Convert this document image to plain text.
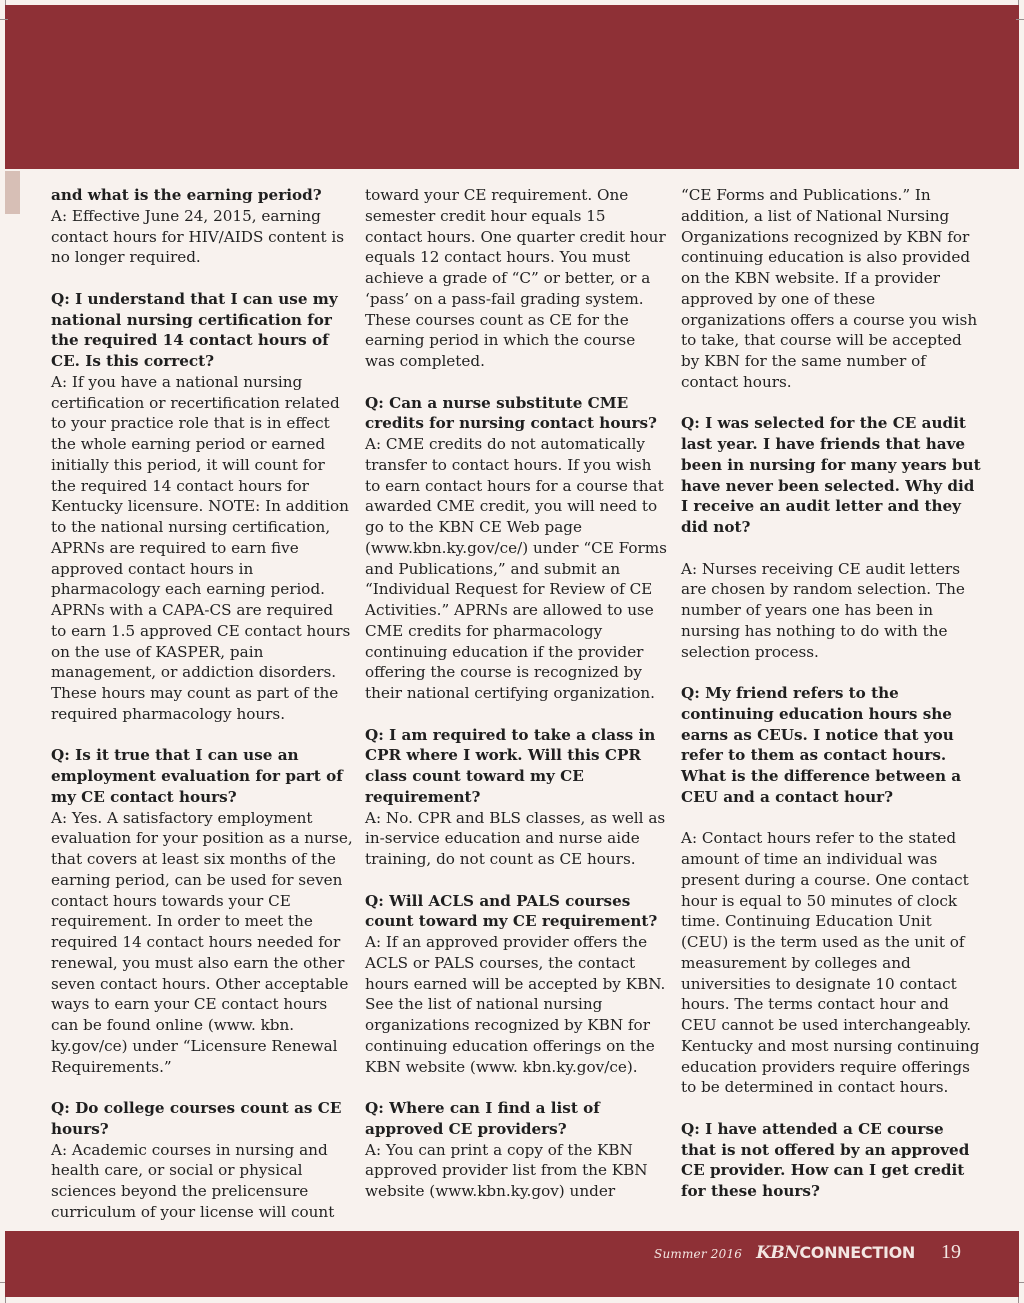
and what is the earning period?
A: Effective June 24, 2015, earning contact hours for HIV/AIDS content is no longer required.

Q: I understand that I can use my national nursing certification for the required 14 contact hours of CE. Is this correct?
A: If you have a national nursing certification or recertification related to your practice role that is in effect the whole earning period or earned initially this period, it will count for the required 14 contact hours for Kentucky licensure. NOTE: In addition to the national nursing certification, APRNs are required to earn five approved contact hours in pharmacology each earning period. APRNs with a CAPA-CS are required to earn 1.5 approved CE contact hours on the use of KASPER, pain management, or addiction disorders. These hours may count as part of the required pharmacology hours.

Q: Is it true that I can use an employment evaluation for part of my CE contact hours?
A: Yes. A satisfactory employment evaluation for your position as a nurse, that covers at least six months of the earning period, can be used for seven contact hours towards your CE requirement. In order to meet the required 14 contact hours needed for renewal, you must also earn the other seven contact hours. Other acceptable ways to earn your CE contact hours can be found online (www. kbn. ky.gov/ce) under “Licensure Renewal Requirements.”

Q: Do college courses count as CE hours?
A: Academic courses in nursing and health care, or social or physical sciences beyond the prelicensure curriculum of your license will count

toward your CE requirement. One semester credit hour equals 15 contact hours. One quarter credit hour equals 12 contact hours. You must achieve a grade of “C” or better, or a ‘pass’ on a pass-fail grading system. These courses count as CE for the earning period in which the course was completed.

Q: Can a nurse substitute CME credits for nursing contact hours?
A: CME credits do not automatically transfer to contact hours. If you wish to earn contact hours for a course that awarded CME credit, you will need to go to the KBN CE Web page (www.kbn.ky.gov/ce/) under “CE Forms and Publications,” and submit an “Individual Request for Review of CE Activities.” APRNs are allowed to use CME credits for pharmacology continuing education if the provider offering the course is recognized by their national certifying organization.

Q: I am required to take a class in CPR where I work. Will this CPR class count toward my CE requirement?
A: No. CPR and BLS classes, as well as in-service education and nurse aide training, do not count as CE hours.

Q: Will ACLS and PALS courses count toward my CE requirement?
A: If an approved provider offers the ACLS or PALS courses, the contact hours earned will be accepted by KBN. See the list of national nursing organizations recognized by KBN for continuing education offerings on the KBN website (www. kbn.ky.gov/ce).

Q: Where can I find a list of approved CE providers?
A: You can print a copy of the KBN approved provider list from the KBN website (www.kbn.ky.gov) under

“CE Forms and Publications.” In addition, a list of National Nursing Organizations recognized by KBN for continuing education is also provided on the KBN website. If a provider approved by one of these organizations offers a course you wish to take, that course will be accepted by KBN for the same number of contact hours.

Q: I was selected for the CE audit last year. I have friends that have been in nursing for many years but have never been selected. Why did I receive an audit letter and they did not?

A: Nurses receiving CE audit letters are chosen by random selection. The number of years one has been in nursing has nothing to do with the selection process.

Q: My friend refers to the continuing education hours she earns as CEUs. I notice that you refer to them as contact hours. What is the difference between a CEU and a contact hour?

A: Contact hours refer to the stated amount of time an individual was present during a course. One contact hour is equal to 50 minutes of clock time. Continuing Education Unit (CEU) is the term used as the unit of measurement by colleges and universities to designate 10 contact hours. The terms contact hour and CEU cannot be used interchangeably. Kentucky and most nursing continuing education providers require offerings to be determined in contact hours.

Q: I have attended a CE course that is not offered by an approved CE provider. How can I get credit for these hours?

Summer 2016 KBN CONNECTION 19
